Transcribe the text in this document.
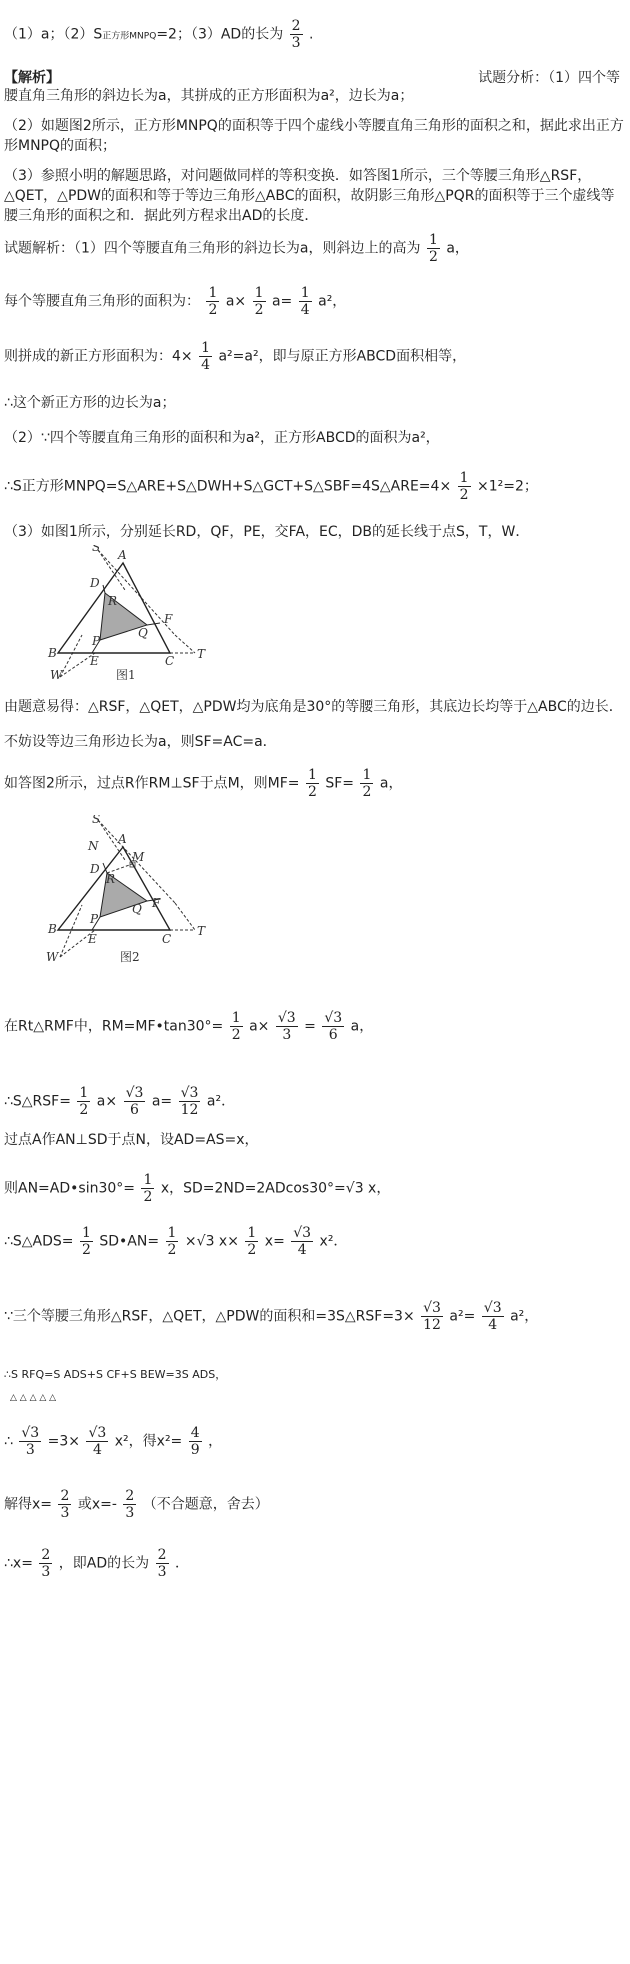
（1）a；（2）S正方形MNPQ=2；（3）AD的长为 $\frac{2}{3}$ .
【解析】	试题分析：（1）四个等
腰直角三角形的斜边长为a，其拼成的正方形面积为a²，边长为a；
（2）如题图2所示，正方形MNPQ的面积等于四个虚线小等腰直角三角形的面积之和，据此求出正方形MNPQ的面积；
（3）参照小明的解题思路，对问题做同样的等积变换．如答图1所示，三个等腰三角形△RSF，△QET，△PDW的面积和等于等边三角形△ABC的面积，故阴影三角形△PQR的面积等于三个虚线等腰三角形的面积之和．据此列方程求出AD的长度．
试题解析：（1）四个等腰直角三角形的斜边长为a，则斜边上的高为 $\frac{1}{2}$ a，
每个等腰直角三角形的面积为： $\frac{1}{2} a\times \frac{1}{2} a= \frac{1}{4} a^2$，
则拼成的新正方形面积为：$4\times \frac{1}{4} a^2=a^2$，即与原正方形ABCD面积相等，
∴这个新正方形的边长为a；
（2）∵四个等腰直角三角形的面积和为a²，正方形ABCD的面积为a²，
∴S正方形MNPQ=S△ARE+S△DWH+S△GCT+S△SBF=4S△ARE=4× $\frac{1}{2} \times 1^2=2$；
（3）如图1所示，分别延长RD，QF，PE，交FA，EC，DB的延长线于点S，T，W．
S
A
D
R
F
Q
P
B
E	C T
W	图1
由题意易得：△RSF，△QET，△PDW均为底角是30°的等腰三角形，其底边长均等于△ABC的边长．
不妨设等边三角形边长为a，则SF=AC=a．
如答图2所示，过点R作RM⊥SF于点M，则$MF= \frac{1}{2} SF= \frac{1}{2}$ a，
S
N A
M
D
R
F
Q
P
B
E	C
T
W	图2
在Rt△RMF中，RM=MF•tan30°= $\frac{1}{2} a\times \frac{√3}{3} = \frac{√3}{6}$ a，
∴S△RSF= $\frac{1}{2} a\times \frac{√3}{6} a= \frac{√3}{12} a^2$．
过点A作AN⊥SD于点N，设AD=AS=x，
则AN=AD•sin30°= $\frac{1}{2}$ x，SD=2ND=2ADcos30°=√3 x，
∴S△ADS= $\frac{1}{2}$ SD•AN= $\frac{1}{2} \times√3$ $x\times \frac{1}{2} x= \frac{√3}{4} x^2$．
∵三个等腰三角形△RSF，△QET，△PDW的面积和=3S△RSF=3× $\frac{√3}{12} a^2= \frac{√3}{4} a^2$，
∴S RFQ=S ADS+S CF+S BEW=3S ADS，
△ △ △ △ △
∴ $\frac{√3}{3} =3\times \frac{√3}{4} x^2$，得$x^2= \frac{4}{9}$ ，
解得$x= \frac{2}{3}$ 或$x=- \frac{2}{3}$ （不合题意，舍去）
∴x= $\frac{2}{3}$ ，即AD的长为 $\frac{2}{3}$ ．
